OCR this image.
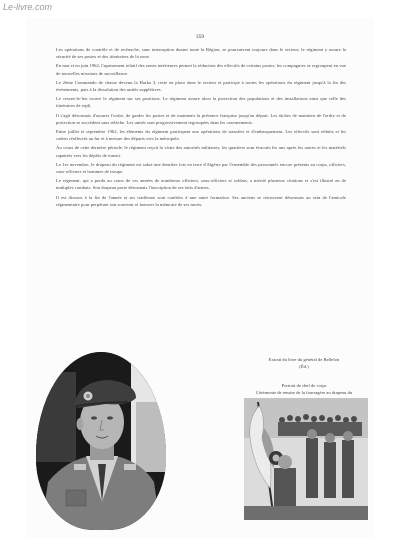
Le-livre.com
359

Les opérations de contrôle et de recherche, sans interruption durant toute la Région, se poursuivent toujours dans le secteur; le régiment y assure la sécurité de ses postes et des itinéraires de la zone.

En mai et en juin 1962, l'apaisement relatif des zones intérieures permet la réduction des effectifs de certains postes; les compagnies se regroupent en vue de nouvelles missions de surveillance.

Le 2ème Commando de chasse devenu la Harka 3, reste en place dans le secteur et participe à toutes les opérations du régiment jusqu'à la fin des événements, puis à la dissolution des unités supplétives.

Le cessez-le-feu trouve le régiment sur ses positions. Le régiment assure alors la protection des populations et des installations ainsi que celle des itinéraires de repli.

Il s'agit désormais d'assurer l'ordre, de garder les postes et de maintenir la présence française jusqu'au départ. Les tâches de maintien de l'ordre et de protection se succèdent sans relâche. Les unités sont progressivement regroupées dans les casernements.

Entre juillet et septembre 1962, les éléments du régiment participent aux opérations de transfert et d'embarquement. Les effectifs sont réduits et les cadres réaffectés au fur et à mesure des départs vers la métropole.

Au cours de cette dernière période, le régiment reçoit la visite des autorités militaires; les quartiers sont évacués les uns après les autres et les matériels rapatriés vers les dépôts de transit.

Le 1er novembre, le drapeau du régiment est salué une dernière fois en terre d'Algérie par l'ensemble des personnels encore présents au corps, officiers, sous-officiers et hommes de troupe.

Le régiment, qui a perdu au cours de ces années de nombreux officiers, sous-officiers et soldats, a mérité plusieurs citations et s'est illustré en de multiples combats. Son drapeau porte désormais l'inscription de ses faits d'armes.

Il est dissous à la fin de l'année et ses traditions sont confiées à une autre formation. Ses anciens se retrouvent désormais au sein de l'amicale régimentaire pour perpétuer son souvenir et honorer la mémoire de ses morts.

Extrait du livre du général de Bellefon

(Éd.)

Portrait de chef de corps

Cérémonie de remise de la fourragère au drapeau du
